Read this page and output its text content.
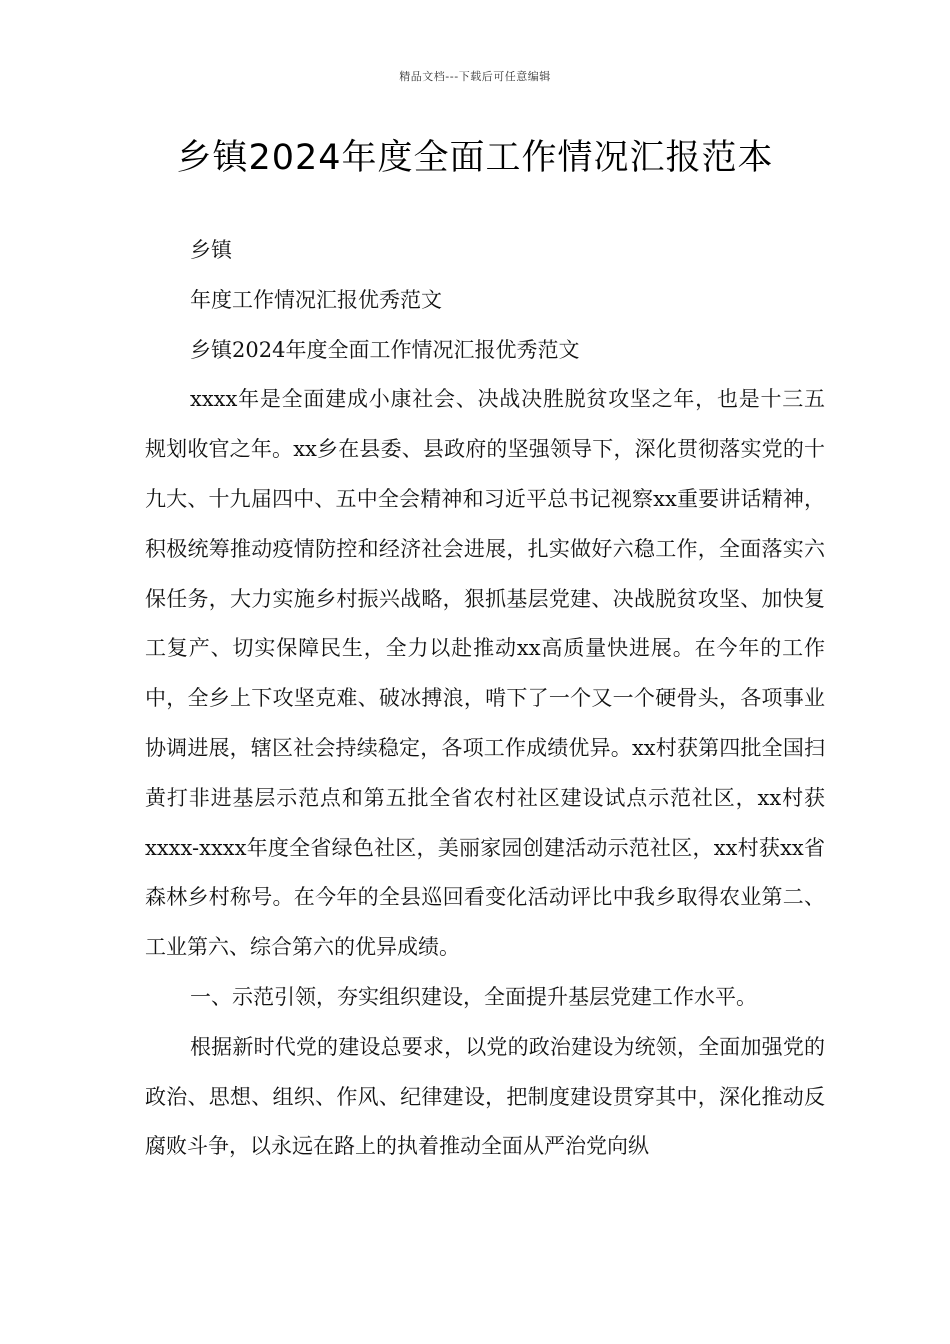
精品文档---下载后可任意编辑
乡镇2024年度全面工作情况汇报范本

乡镇

年度工作情况汇报优秀范文

乡镇2024年度全面工作情况汇报优秀范文

xxxx年是全面建成小康社会、决战决胜脱贫攻坚之年，也是十三五规划收官之年。xx乡在县委、县政府的坚强领导下，深化贯彻落实党的十九大、十九届四中、五中全会精神和习近平总书记视察xx重要讲话精神，积极统筹推动疫情防控和经济社会进展，扎实做好六稳工作，全面落实六保任务，大力实施乡村振兴战略，狠抓基层党建、决战脱贫攻坚、加快复工复产、切实保障民生，全力以赴推动xx高质量快进展。在今年的工作中，全乡上下攻坚克难、破冰搏浪，啃下了一个又一个硬骨头，各项事业协调进展，辖区社会持续稳定，各项工作成绩优异。xx村获第四批全国扫黄打非进基层示范点和第五批全省农村社区建设试点示范社区，xx村获xxxx-xxxx年度全省绿色社区，美丽家园创建活动示范社区，xx村获xx省森林乡村称号。在今年的全县巡回看变化活动评比中我乡取得农业第二、工业第六、综合第六的优异成绩。

一、示范引领，夯实组织建设，全面提升基层党建工作水平。

根据新时代党的建设总要求，以党的政治建设为统领，全面加强党的政治、思想、组织、作风、纪律建设，把制度建设贯穿其中，深化推动反腐败斗争，以永远在路上的执着推动全面从严治党向纵
